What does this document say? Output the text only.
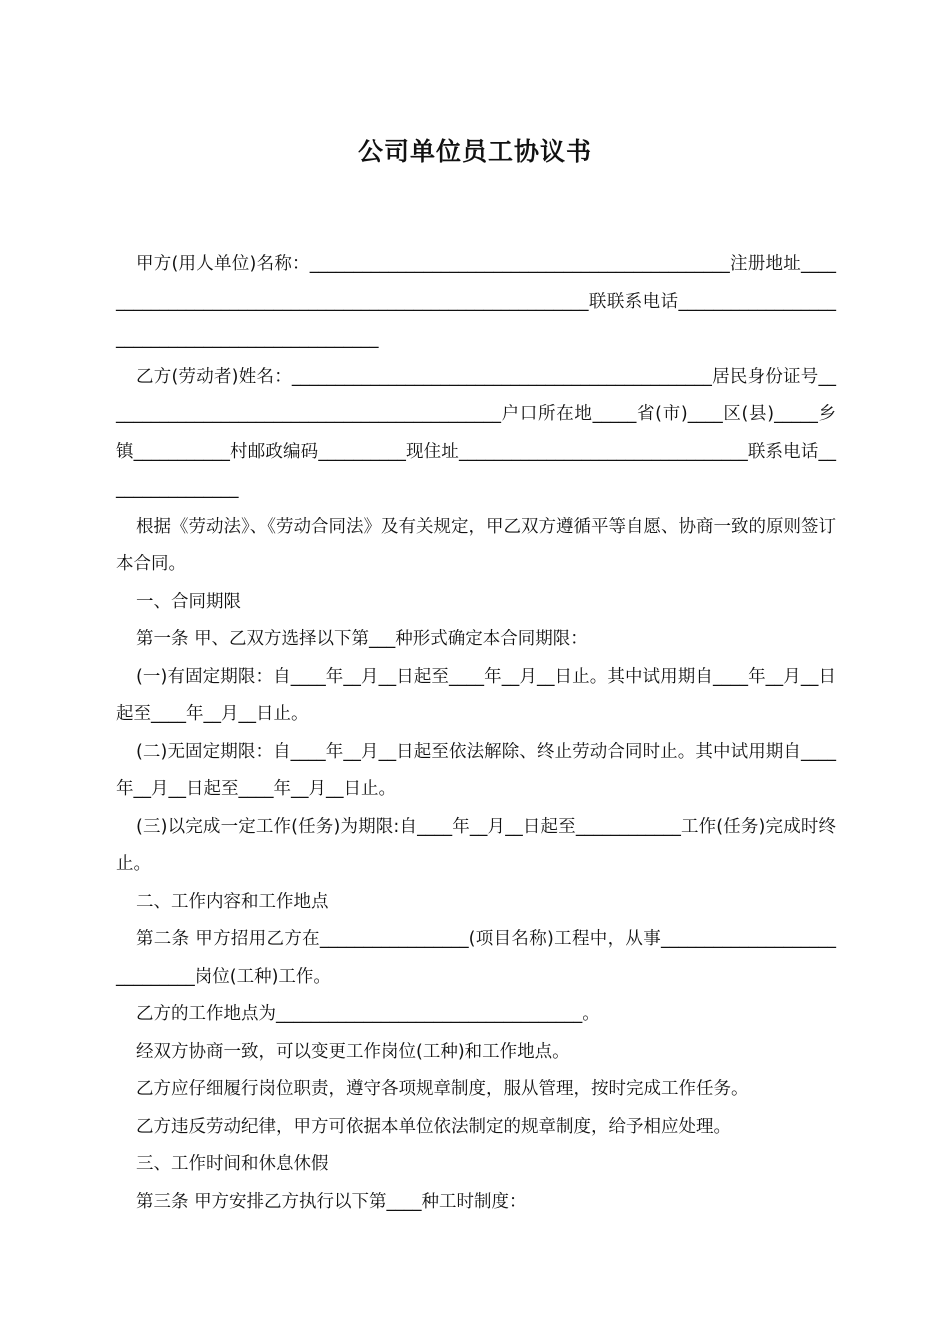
公司单位员工协议书

甲方(用人单位)名称：________________________________________________注册地址__________________________________________________________联联系电话________________________________________________

乙方(劳动者)姓名：________________________________________________居民身份证号______________________________________________户口所在地_____省(市)____区(县)_____乡镇___________村邮政编码__________现住址_________________________________联系电话________________

根据《劳动法》、《劳动合同法》及有关规定，甲乙双方遵循平等自愿、协商一致的原则签订本合同。

一、合同期限

第一条 甲、乙双方选择以下第___种形式确定本合同期限：

(一)有固定期限：自____年__月__日起至____年__月__日止。其中试用期自____年__月__日起至____年__月__日止。

(二)无固定期限：自____年__月__日起至依法解除、终止劳动合同时止。其中试用期自____年__月__日起至____年__月__日止。

(三)以完成一定工作(任务)为期限:自____年__月__日起至____________工作(任务)完成时终止。

二、工作内容和工作地点

第二条 甲方招用乙方在_________________(项目名称)工程中，从事_____________________________岗位(工种)工作。

乙方的工作地点为___________________________________。

经双方协商一致，可以变更工作岗位(工种)和工作地点。

乙方应仔细履行岗位职责，遵守各项规章制度，服从管理，按时完成工作任务。

乙方违反劳动纪律，甲方可依据本单位依法制定的规章制度，给予相应处理。

三、工作时间和休息休假

第三条 甲方安排乙方执行以下第____种工时制度：
